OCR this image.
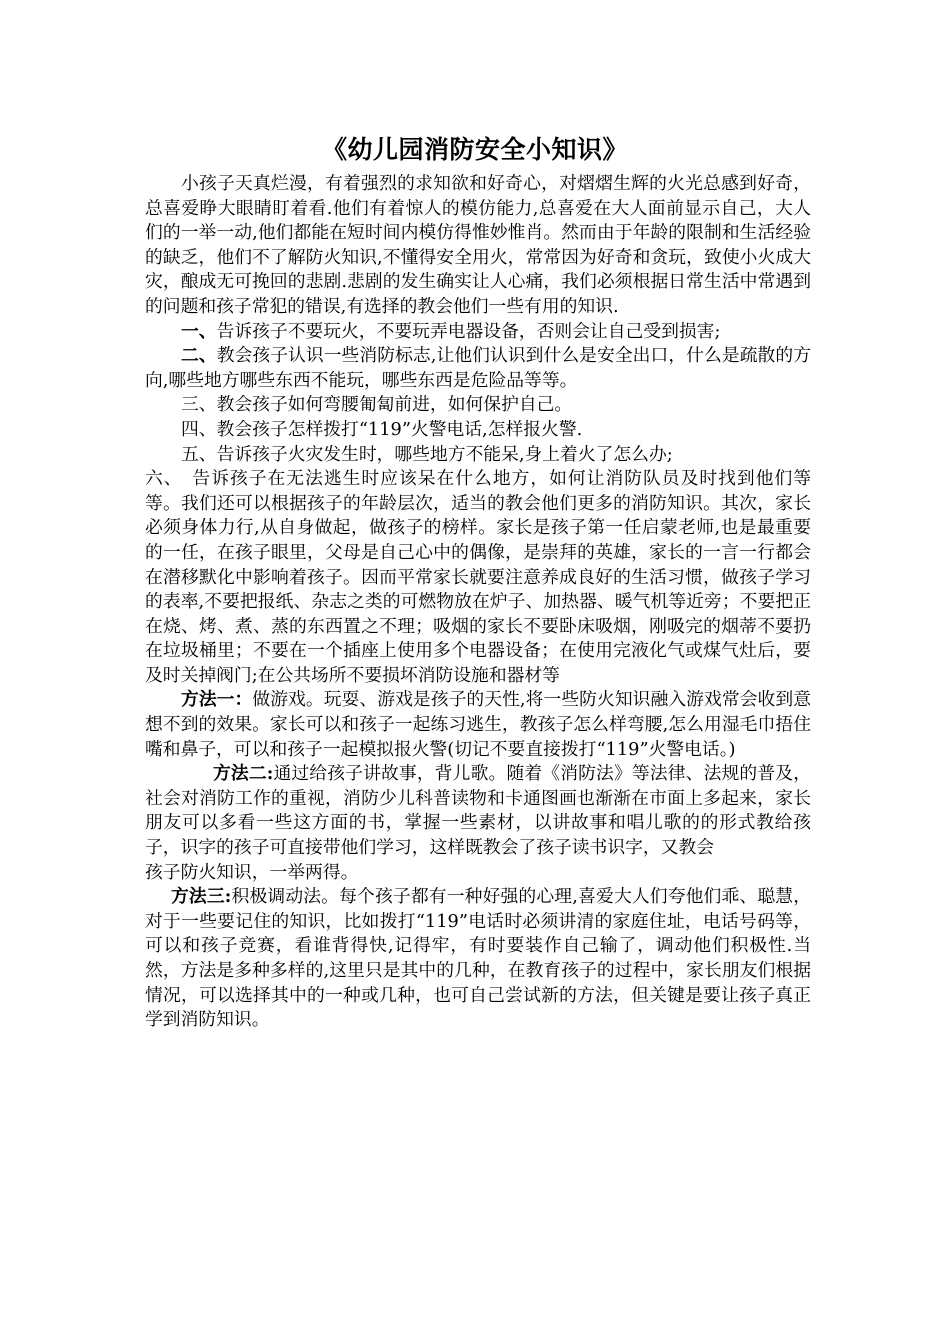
《幼儿园消防安全小知识》

小孩子天真烂漫，有着强烈的求知欲和好奇心，对熠熠生辉的火光总感到好奇，总喜爱睁大眼睛盯着看.他们有着惊人的模仿能力,总喜爱在大人面前显示自己，大人们的一举一动,他们都能在短时间内模仿得惟妙惟肖。然而由于年龄的限制和生活经验的缺乏，他们不了解防火知识,不懂得安全用火，常常因为好奇和贪玩，致使小火成大灾，酿成无可挽回的悲剧.悲剧的发生确实让人心痛，我们必须根据日常生活中常遇到的问题和孩子常犯的错误,有选择的教会他们一些有用的知识.

一、告诉孩子不要玩火，不要玩弄电器设备，否则会让自己受到损害;

二、教会孩子认识一些消防标志,让他们认识到什么是安全出口，什么是疏散的方向,哪些地方哪些东西不能玩，哪些东西是危险品等等。

三、教会孩子如何弯腰匍匐前进，如何保护自己。

四、教会孩子怎样拨打“119”火警电话,怎样报火警.

五、告诉孩子火灾发生时，哪些地方不能呆,身上着火了怎么办;

六、　告诉孩子在无法逃生时应该呆在什么地方，如何让消防队员及时找到他们等等。我们还可以根据孩子的年龄层次，适当的教会他们更多的消防知识。其次，家长必须身体力行,从自身做起，做孩子的榜样。家长是孩子第一任启蒙老师,也是最重要的一任，在孩子眼里，父母是自己心中的偶像，是崇拜的英雄，家长的一言一行都会在潜移默化中影响着孩子。因而平常家长就要注意养成良好的生活习惯，做孩子学习的表率,不要把报纸、杂志之类的可燃物放在炉子、加热器、暖气机等近旁；不要把正在烧、烤、煮、蒸的东西置之不理；吸烟的家长不要卧床吸烟，刚吸完的烟蒂不要扔在垃圾桶里；不要在一个插座上使用多个电器设备；在使用完液化气或煤气灶后，要及时关掉阀门;在公共场所不要损坏消防设施和器材等

方法一：做游戏。玩耍、游戏是孩子的天性,将一些防火知识融入游戏常会收到意想不到的效果。家长可以和孩子一起练习逃生，教孩子怎么样弯腰,怎么用湿毛巾捂住嘴和鼻子，可以和孩子一起模拟报火警(切记不要直接拨打“119”火警电话。)

方法二:通过给孩子讲故事，背儿歌。随着《消防法》等法律、法规的普及，社会对消防工作的重视，消防少儿科普读物和卡通图画也渐渐在市面上多起来，家长朋友可以多看一些这方面的书，掌握一些素材，以讲故事和唱儿歌的的形式教给孩子，识字的孩子可直接带他们学习，这样既教会了孩子读书识字，又教会

孩子防火知识，一举两得。

方法三:积极调动法。每个孩子都有一种好强的心理,喜爱大人们夸他们乖、聪慧，对于一些要记住的知识，比如拨打“119”电话时必须讲清的家庭住址，电话号码等，可以和孩子竞赛，看谁背得快,记得牢，有时要装作自己输了，调动他们积极性.当然，方法是多种多样的,这里只是其中的几种，在教育孩子的过程中，家长朋友们根据情况，可以选择其中的一种或几种，也可自己尝试新的方法，但关键是要让孩子真正学到消防知识。
